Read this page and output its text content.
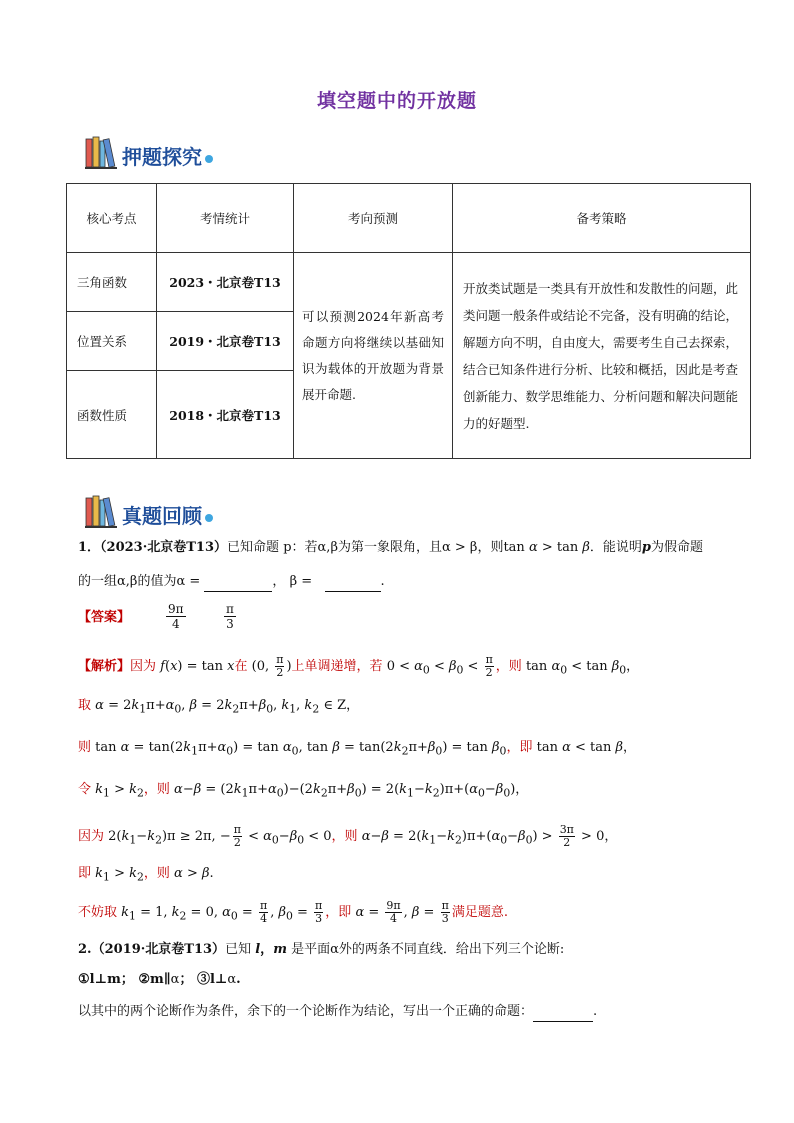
填空题中的开放题
押题探究
核心考点	考情统计	考向预测	备考策略
三角函数	2023・北京卷T13	可以预测2024年新高考命题方向将继续以基础知识为载体的开放题为背景展开命题.	开放类试题是一类具有开放性和发散性的问题，此类问题一般条件或结论不完备，没有明确的结论，解题方向不明，自由度大，需要考生自己去探索，结合已知条件进行分析、比较和概括，因此是考查创新能力、数学思维能力、分析问题和解决问题能力的好题型.
位置关系	2019・北京卷T13		
函数性质	2018・北京卷T13		
真题回顾
1．（2023·北京卷T13）已知命题 p：若α,β为第一象限角，且α > β，则tan α > tan β．能说明p为假命题
的一组α,β的值为α =	， β =	.
【答案】	$\frac{9\pi}{4}$	$\frac{\pi}{3}$
【解析】因为 f(x) = tan x在 (0, $\frac{\pi}{2}$ )上单调递增，若 $0 < \alpha_0 < \beta_0 < \frac{\pi}{2}$ ，则 $\tan \alpha_0 < \tan \beta_0$，
取 $\alpha = 2k_1\pi+\alpha_0$, $\beta = 2k_2\pi+\beta_0$, $k_1$, $k_2$ ∈ Z，
则 $\tan \alpha = \tan(2k_1\pi+\alpha_0) = \tan \alpha_0$, $\tan \beta = \tan(2k_2\pi+\beta_0) = \tan \beta_0$，即 tan α < tan β，
令 $k_1 > k_2$，则 $\alpha-\beta = (2k_1\pi+\alpha_0)-(2k_2\pi+\beta_0) = 2(k_1-k_2)\pi+(\alpha_0-\beta_0)$，
因为 $2(k_1-k_2)\pi \ge 2\pi$, − $\frac{\pi}{2} < \alpha_0-\beta_0 < 0$，则 $\alpha-\beta = 2(k_1-k_2)\pi+(\alpha_0-\beta_0) > \frac{3\pi}{2} > 0$，
即 $k_1 > k_2$，则 α > β.
不妨取 $k_1 = 1$, $k_2 = 0$, $\alpha_0 = \frac{\pi}{4}$ , $\beta_0 = \frac{\pi}{3}$ ，即 $\alpha = \frac{9\pi}{4}$ , $\beta = \frac{\pi}{3}$ 满足题意.
2.（2019·北京卷T13）已知 l，m 是平面α外的两条不同直线．给出下列三个论断:
①l⊥m； ②m∥α； ③l⊥α.
以其中的两个论断作为条件，余下的一个论断作为结论，写出一个正确的命题：	.
